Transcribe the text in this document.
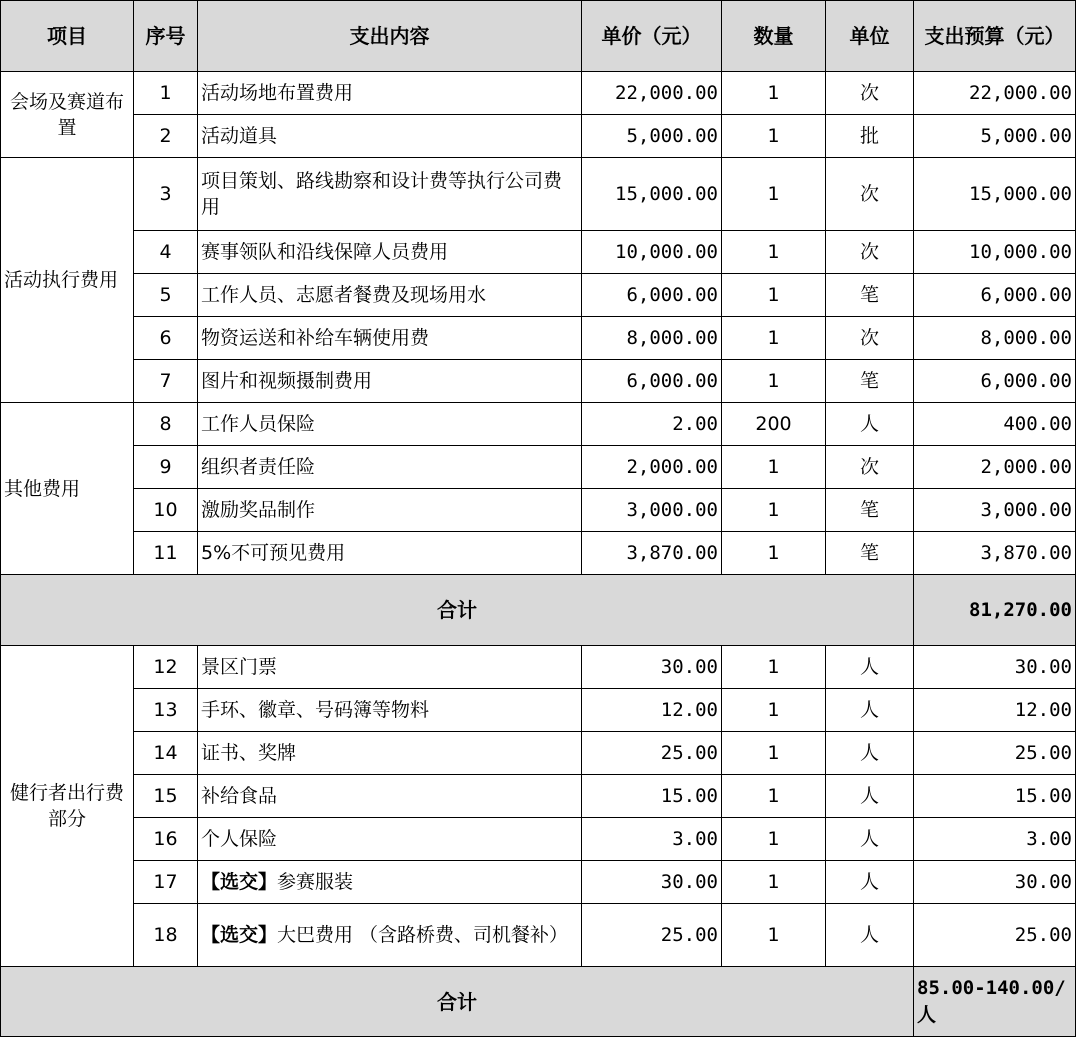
项目	序号	支出内容	单价（元）	数量	单位	支出预算（元）
会场及赛道布置	1	活动场地布置费用	22,000.00	1	次	22,000.00
	2	活动道具	5,000.00	1	批	5,000.00
活动执行费用	3	项目策划、路线勘察和设计费等执行公司费用	15,000.00	1	次	15,000.00
	4	赛事领队和沿线保障人员费用	10,000.00	1	次	10,000.00
	5	工作人员、志愿者餐费及现场用水	6,000.00	1	笔	6,000.00
	6	物资运送和补给车辆使用费	8,000.00	1	次	8,000.00
	7	图片和视频摄制费用	6,000.00	1	笔	6,000.00
其他费用	8	工作人员保险	2.00	200	人	400.00
	9	组织者责任险	2,000.00	1	次	2,000.00
	10	激励奖品制作	3,000.00	1	笔	3,000.00
	11	5%不可预见费用	3,870.00	1	笔	3,870.00
合计						81,270.00
健行者出行费部分	12	景区门票	30.00	1	人	30.00
	13	手环、徽章、号码簿等物料	12.00	1	人	12.00
	14	证书、奖牌	25.00	1	人	25.00
	15	补给食品	15.00	1	人	15.00
	16	个人保险	3.00	1	人	3.00
	17	【选交】参赛服装	30.00	1	人	30.00
	18	【选交】大巴费用 （含路桥费、司机餐补）	25.00	1	人	25.00
合计						85.00-140.00/人
